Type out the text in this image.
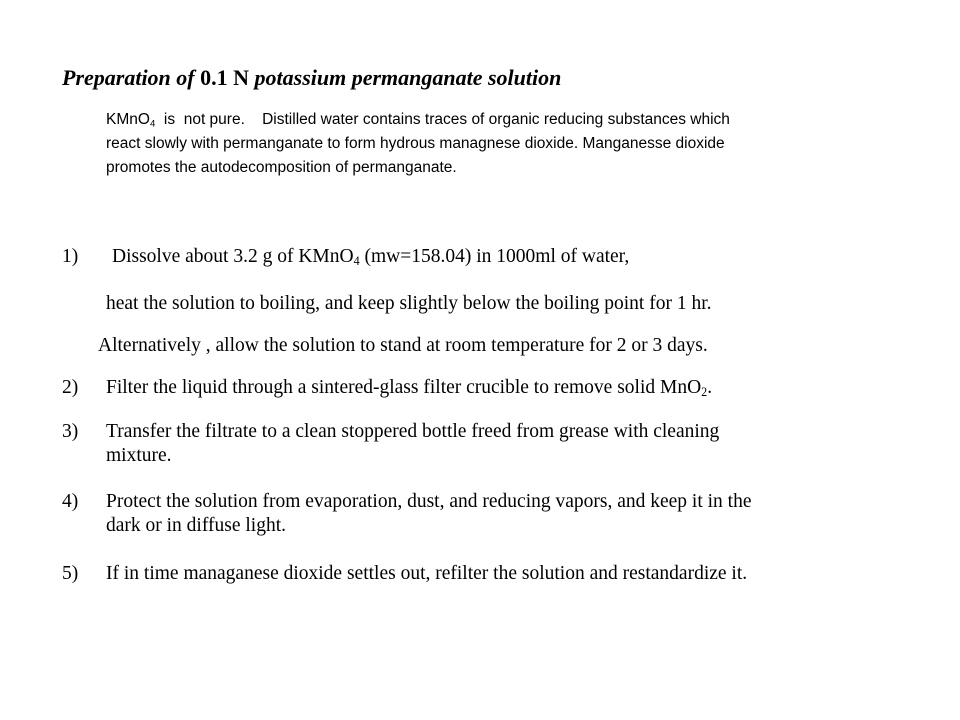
Preparation of 0.1 N potassium permanganate solution

KMnO$_4$  is  not pure.    Distilled water contains traces of organic reducing substances which

react slowly with permanganate to form hydrous managnese dioxide. Manganesse dioxide

promotes the autodecomposition of permanganate.

1) Dissolve about 3.2 g of KMnO$_4$ (mw=158.04) in 1000ml of water,
heat the solution to boiling, and keep slightly below the boiling point for 1 hr.
Alternatively , allow the solution to stand at room temperature for 2 or 3 days.
2) Filter the liquid through a sintered-glass filter crucible to remove solid MnO$_2$.

3) Transfer the filtrate to a clean stoppered bottle freed from grease with cleaning

mixture.

4) Protect the solution from evaporation, dust, and reducing vapors, and keep it in the

dark or in diffuse light.

5) If in time managanese dioxide settles out, refilter the solution and restandardize it.
